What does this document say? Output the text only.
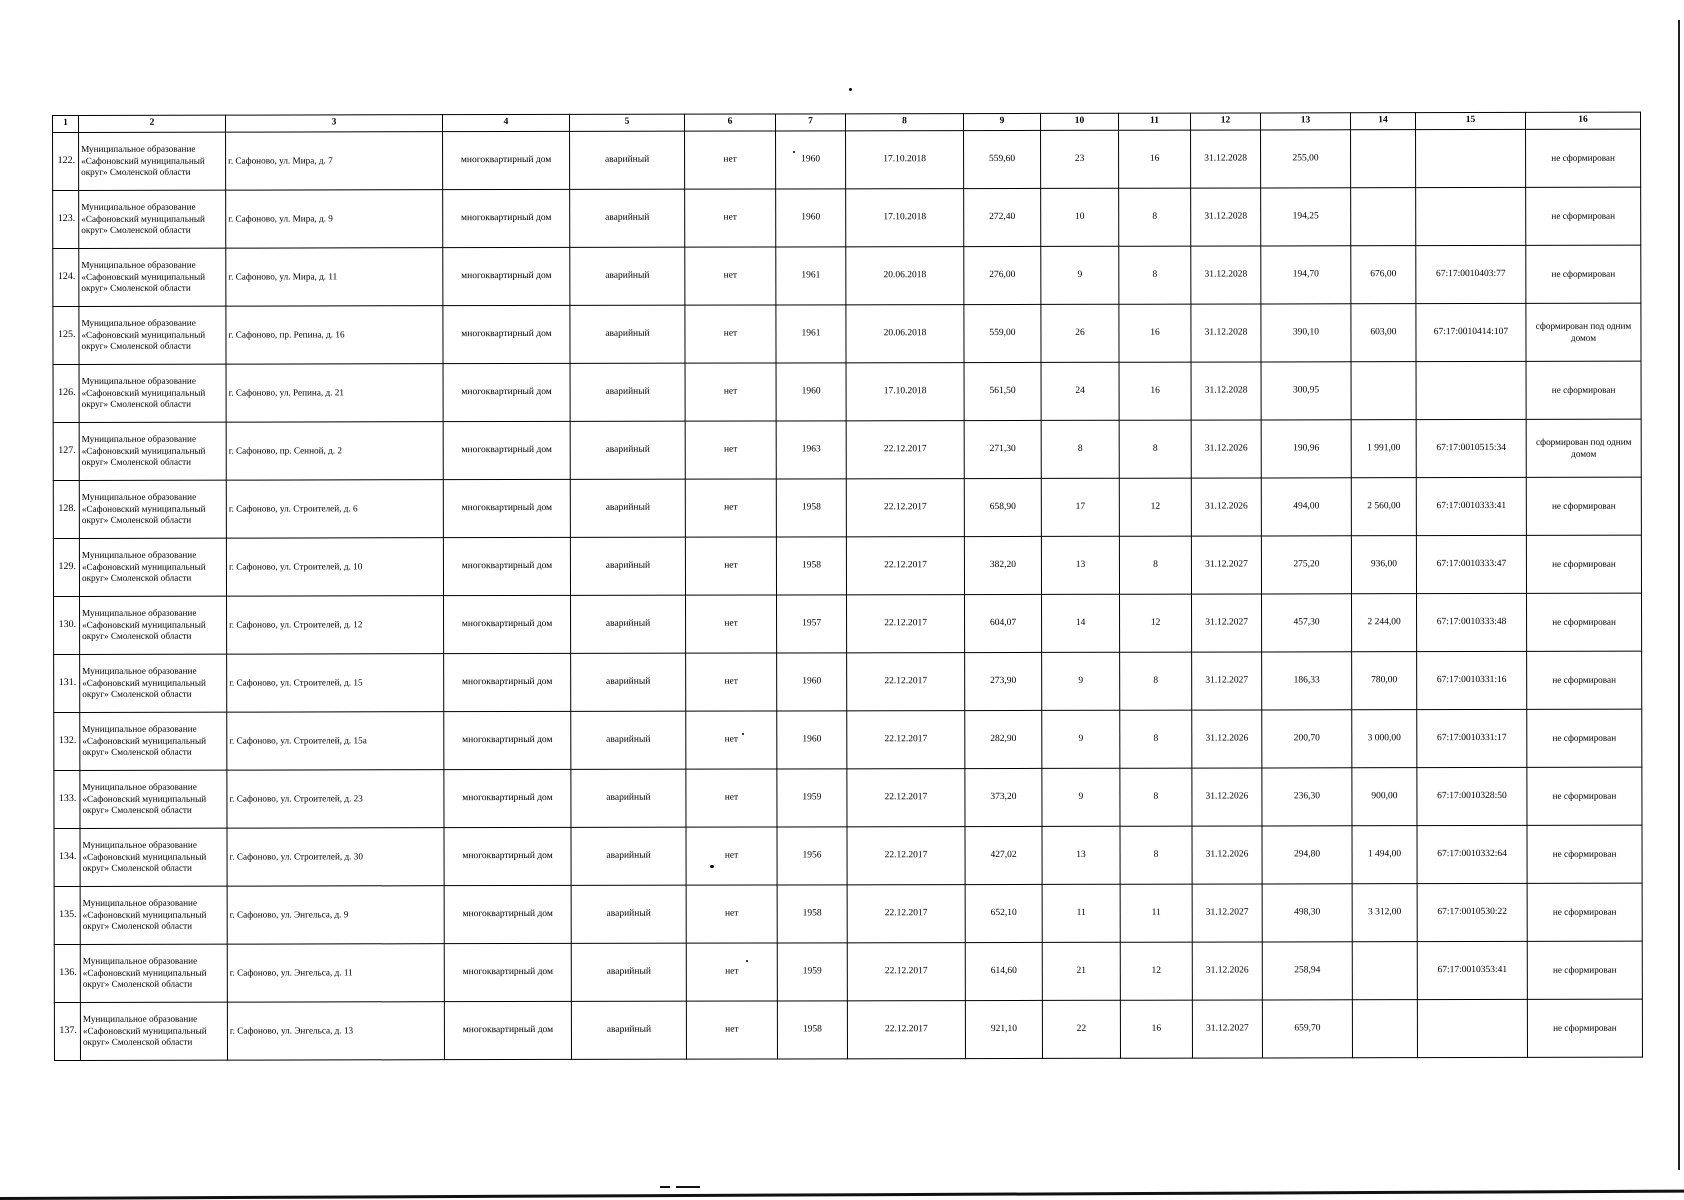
1	2	3	4	5	6	7	8	9	10	11	12	13	14	15	16
122.	Муниципальное образование «Сафоновский муниципальный округ» Смоленской области	г. Сафоново, ул. Мира, д. 7	многоквартирный дом	аварийный	нет	1960	17.10.2018	559,60	23	16	31.12.2028	255,00			не сформирован
123.	Муниципальное образование «Сафоновский муниципальный округ» Смоленской области	г. Сафоново, ул. Мира, д. 9	многоквартирный дом	аварийный	нет	1960	17.10.2018	272,40	10	8	31.12.2028	194,25			не сформирован
124.	Муниципальное образование «Сафоновский муниципальный округ» Смоленской области	г. Сафоново, ул. Мира, д. 11	многоквартирный дом	аварийный	нет	1961	20.06.2018	276,00	9	8	31.12.2028	194,70	676,00	67:17:0010403:77	не сформирован
125.	Муниципальное образование «Сафоновский муниципальный округ» Смоленской области	г. Сафоново, пр. Репина, д. 16	многоквартирный дом	аварийный	нет	1961	20.06.2018	559,00	26	16	31.12.2028	390,10	603,00	67:17:0010414:107	сформирован под одним домом
126.	Муниципальное образование «Сафоновский муниципальный округ» Смоленской области	г. Сафоново, ул. Репина, д. 21	многоквартирный дом	аварийный	нет	1960	17.10.2018	561,50	24	16	31.12.2028	300,95			не сформирован
127.	Муниципальное образование «Сафоновский муниципальный округ» Смоленской области	г. Сафоново, пр. Сенной, д. 2	многоквартирный дом	аварийный	нет	1963	22.12.2017	271,30	8	8	31.12.2026	190,96	1 991,00	67:17:0010515:34	сформирован под одним домом
128.	Муниципальное образование «Сафоновский муниципальный округ» Смоленской области	г. Сафоново, ул. Строителей, д. 6	многоквартирный дом	аварийный	нет	1958	22.12.2017	658,90	17	12	31.12.2026	494,00	2 560,00	67:17:0010333:41	не сформирован
129.	Муниципальное образование «Сафоновский муниципальный округ» Смоленской области	г. Сафоново, ул. Строителей, д. 10	многоквартирный дом	аварийный	нет	1958	22.12.2017	382,20	13	8	31.12.2027	275,20	936,00	67:17:0010333:47	не сформирован
130.	Муниципальное образование «Сафоновский муниципальный округ» Смоленской области	г. Сафоново, ул. Строителей, д. 12	многоквартирный дом	аварийный	нет	1957	22.12.2017	604,07	14	12	31.12.2027	457,30	2 244,00	67:17:0010333:48	не сформирован
131.	Муниципальное образование «Сафоновский муниципальный округ» Смоленской области	г. Сафоново, ул. Строителей, д. 15	многоквартирный дом	аварийный	нет	1960	22.12.2017	273,90	9	8	31.12.2027	186,33	780,00	67:17:0010331:16	не сформирован
132.	Муниципальное образование «Сафоновский муниципальный округ» Смоленской области	г. Сафоново, ул. Строителей, д. 15а	многоквартирный дом	аварийный	нет	1960	22.12.2017	282,90	9	8	31.12.2026	200,70	3 000,00	67:17:0010331:17	не сформирован
133.	Муниципальное образование «Сафоновский муниципальный округ» Смоленской области	г. Сафоново, ул. Строителей, д. 23	многоквартирный дом	аварийный	нет	1959	22.12.2017	373,20	9	8	31.12.2026	236,30	900,00	67:17:0010328:50	не сформирован
134.	Муниципальное образование «Сафоновский муниципальный округ» Смоленской области	г. Сафоново, ул. Строителей, д. 30	многоквартирный дом	аварийный	нет	1956	22.12.2017	427,02	13	8	31.12.2026	294,80	1 494,00	67:17:0010332:64	не сформирован
135.	Муниципальное образование «Сафоновский муниципальный округ» Смоленской области	г. Сафоново, ул. Энгельса, д. 9	многоквартирный дом	аварийный	нет	1958	22.12.2017	652,10	11	11	31.12.2027	498,30	3 312,00	67:17:0010530:22	не сформирован
136.	Муниципальное образование «Сафоновский муниципальный округ» Смоленской области	г. Сафоново, ул. Энгельса, д. 11	многоквартирный дом	аварийный	нет	1959	22.12.2017	614,60	21	12	31.12.2026	258,94		67:17:0010353:41	не сформирован
137.	Муниципальное образование «Сафоновский муниципальный округ» Смоленской области	г. Сафоново, ул. Энгельса, д. 13	многоквартирный дом	аварийный	нет	1958	22.12.2017	921,10	22	16	31.12.2027	659,70			не сформирован
